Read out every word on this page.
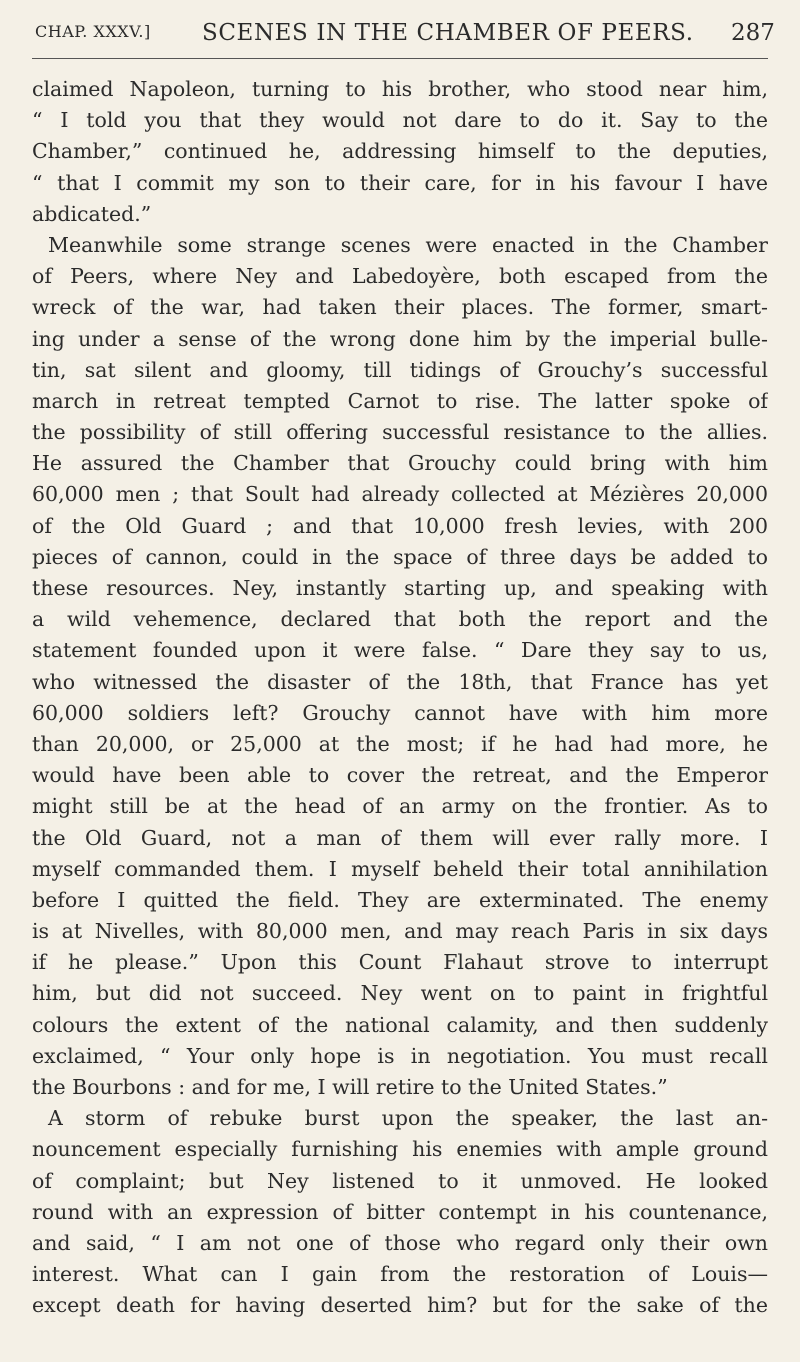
CHAP. XXXV.] SCENES IN THE CHAMBER OF PEERS. 287
claimed Napoleon, turning to his brother, who stood near him,
“ I told you that they would not dare to do it. Say to the
Chamber,” continued he, addressing himself to the deputies,
“ that I commit my son to their care, for in his favour I have
abdicated.”
Meanwhile some strange scenes were enacted in the Chamber
of Peers, where Ney and Labedoyère, both escaped from the
wreck of the war, had taken their places. The former, smart-
ing under a sense of the wrong done him by the imperial bulle-
tin, sat silent and gloomy, till tidings of Grouchy’s successful
march in retreat tempted Carnot to rise. The latter spoke of
the possibility of still offering successful resistance to the allies.
He assured the Chamber that Grouchy could bring with him
60,000 men ; that Soult had already collected at Mézières 20,000
of the Old Guard ; and that 10,000 fresh levies, with 200
pieces of cannon, could in the space of three days be added to
these resources. Ney, instantly starting up, and speaking with
a wild vehemence, declared that both the report and the
statement founded upon it were false. “ Dare they say to us,
who witnessed the disaster of the 18th, that France has yet
60,000 soldiers left? Grouchy cannot have with him more
than 20,000, or 25,000 at the most; if he had had more, he
would have been able to cover the retreat, and the Emperor
might still be at the head of an army on the frontier. As to
the Old Guard, not a man of them will ever rally more. I
myself commanded them. I myself beheld their total annihilation
before I quitted the field. They are exterminated. The enemy
is at Nivelles, with 80,000 men, and may reach Paris in six days
if he please.” Upon this Count Flahaut strove to interrupt
him, but did not succeed. Ney went on to paint in frightful
colours the extent of the national calamity, and then suddenly
exclaimed, “ Your only hope is in negotiation. You must recall
the Bourbons : and for me, I will retire to the United States.”
A storm of rebuke burst upon the speaker, the last an-
nouncement especially furnishing his enemies with ample ground
of complaint; but Ney listened to it unmoved. He looked
round with an expression of bitter contempt in his countenance,
and said, “ I am not one of those who regard only their own
interest. What can I gain from the restoration of Louis—
except death for having deserted him? but for the sake of the
